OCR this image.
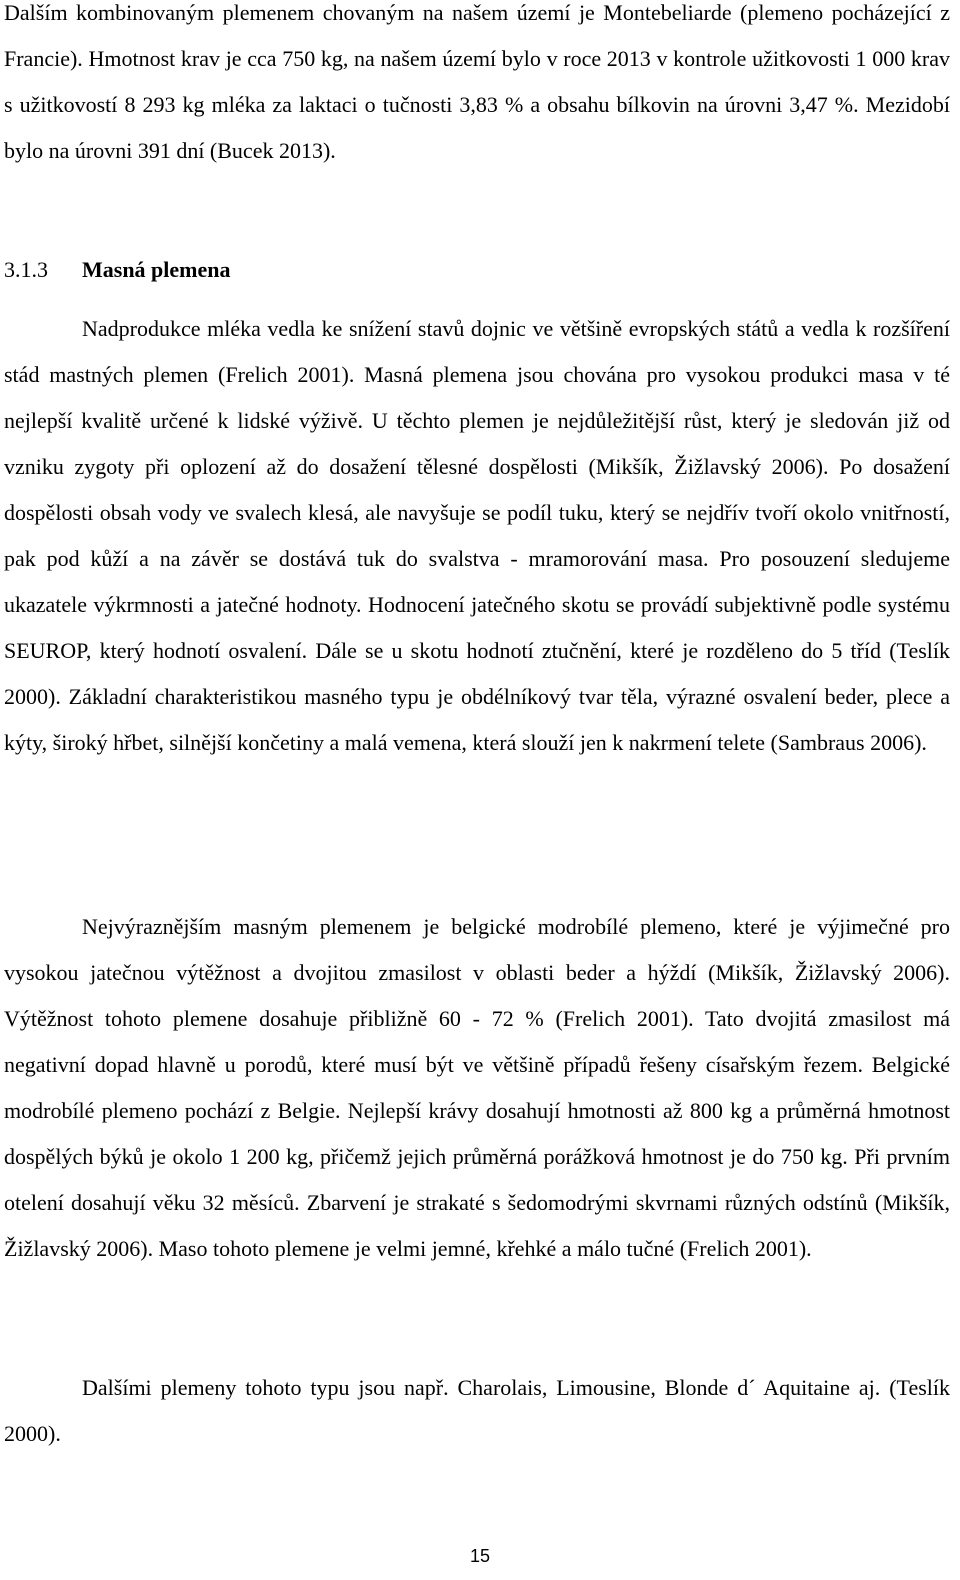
Dalším kombinovaným plemenem chovaným na našem území je Montebeliarde (plemeno pocházející z Francie). Hmotnost krav je cca 750 kg, na našem území bylo v roce 2013 v kontrole užitkovosti 1 000 krav s užitkovostí 8 293 kg mléka za laktaci o tučnosti 3,83 % a obsahu bílkovin na úrovni 3,47 %. Mezidobí bylo na úrovni 391 dní (Bucek 2013).

3.1.3 Masná plemena

Nadprodukce mléka vedla ke snížení stavů dojnic ve většině evropských států a vedla k rozšíření stád mastných plemen (Frelich 2001). Masná plemena jsou chována pro vysokou produkci masa v té nejlepší kvalitě určené k lidské výživě. U těchto plemen je nejdůležitější růst, který je sledován již od vzniku zygoty při oplození až do dosažení tělesné dospělosti (Mikšík, Žižlavský 2006). Po dosažení dospělosti obsah vody ve svalech klesá, ale navyšuje se podíl tuku, který se nejdřív tvoří okolo vnitřností, pak pod kůží a na závěr se dostává tuk do svalstva - mramorování masa. Pro posouzení sledujeme ukazatele výkrmnosti a jatečné hodnoty. Hodnocení jatečného skotu se provádí subjektivně podle systému SEUROP, který hodnotí osvalení. Dále se u skotu hodnotí ztučnění, které je rozděleno do 5 tříd (Teslík 2000). Základní charakteristikou masného typu je obdélníkový tvar těla, výrazné osvalení beder, plece a kýty, široký hřbet, silnější končetiny a malá vemena, která slouží jen k nakrmení telete (Sambraus 2006).

Nejvýraznějším masným plemenem je belgické modrobílé plemeno, které je výjimečné pro vysokou jatečnou výtěžnost a dvojitou zmasilost v oblasti beder a hýždí (Mikšík, Žižlavský 2006). Výtěžnost tohoto plemene dosahuje přibližně 60 - 72 % (Frelich 2001). Tato dvojitá zmasilost má negativní dopad hlavně u porodů, které musí být ve většině případů řešeny císařským řezem. Belgické modrobílé plemeno pochází z Belgie. Nejlepší krávy dosahují hmotnosti až 800 kg a průměrná hmotnost dospělých býků je okolo 1 200 kg, přičemž jejich průměrná porážková hmotnost je do 750 kg. Při prvním otelení dosahují věku 32 měsíců. Zbarvení je strakaté s šedomodrými skvrnami různých odstínů (Mikšík, Žižlavský 2006). Maso tohoto plemene je velmi jemné, křehké a málo tučné (Frelich 2001).

Dalšími plemeny tohoto typu jsou např. Charolais, Limousine, Blonde d´ Aquitaine aj. (Teslík 2000).

15
